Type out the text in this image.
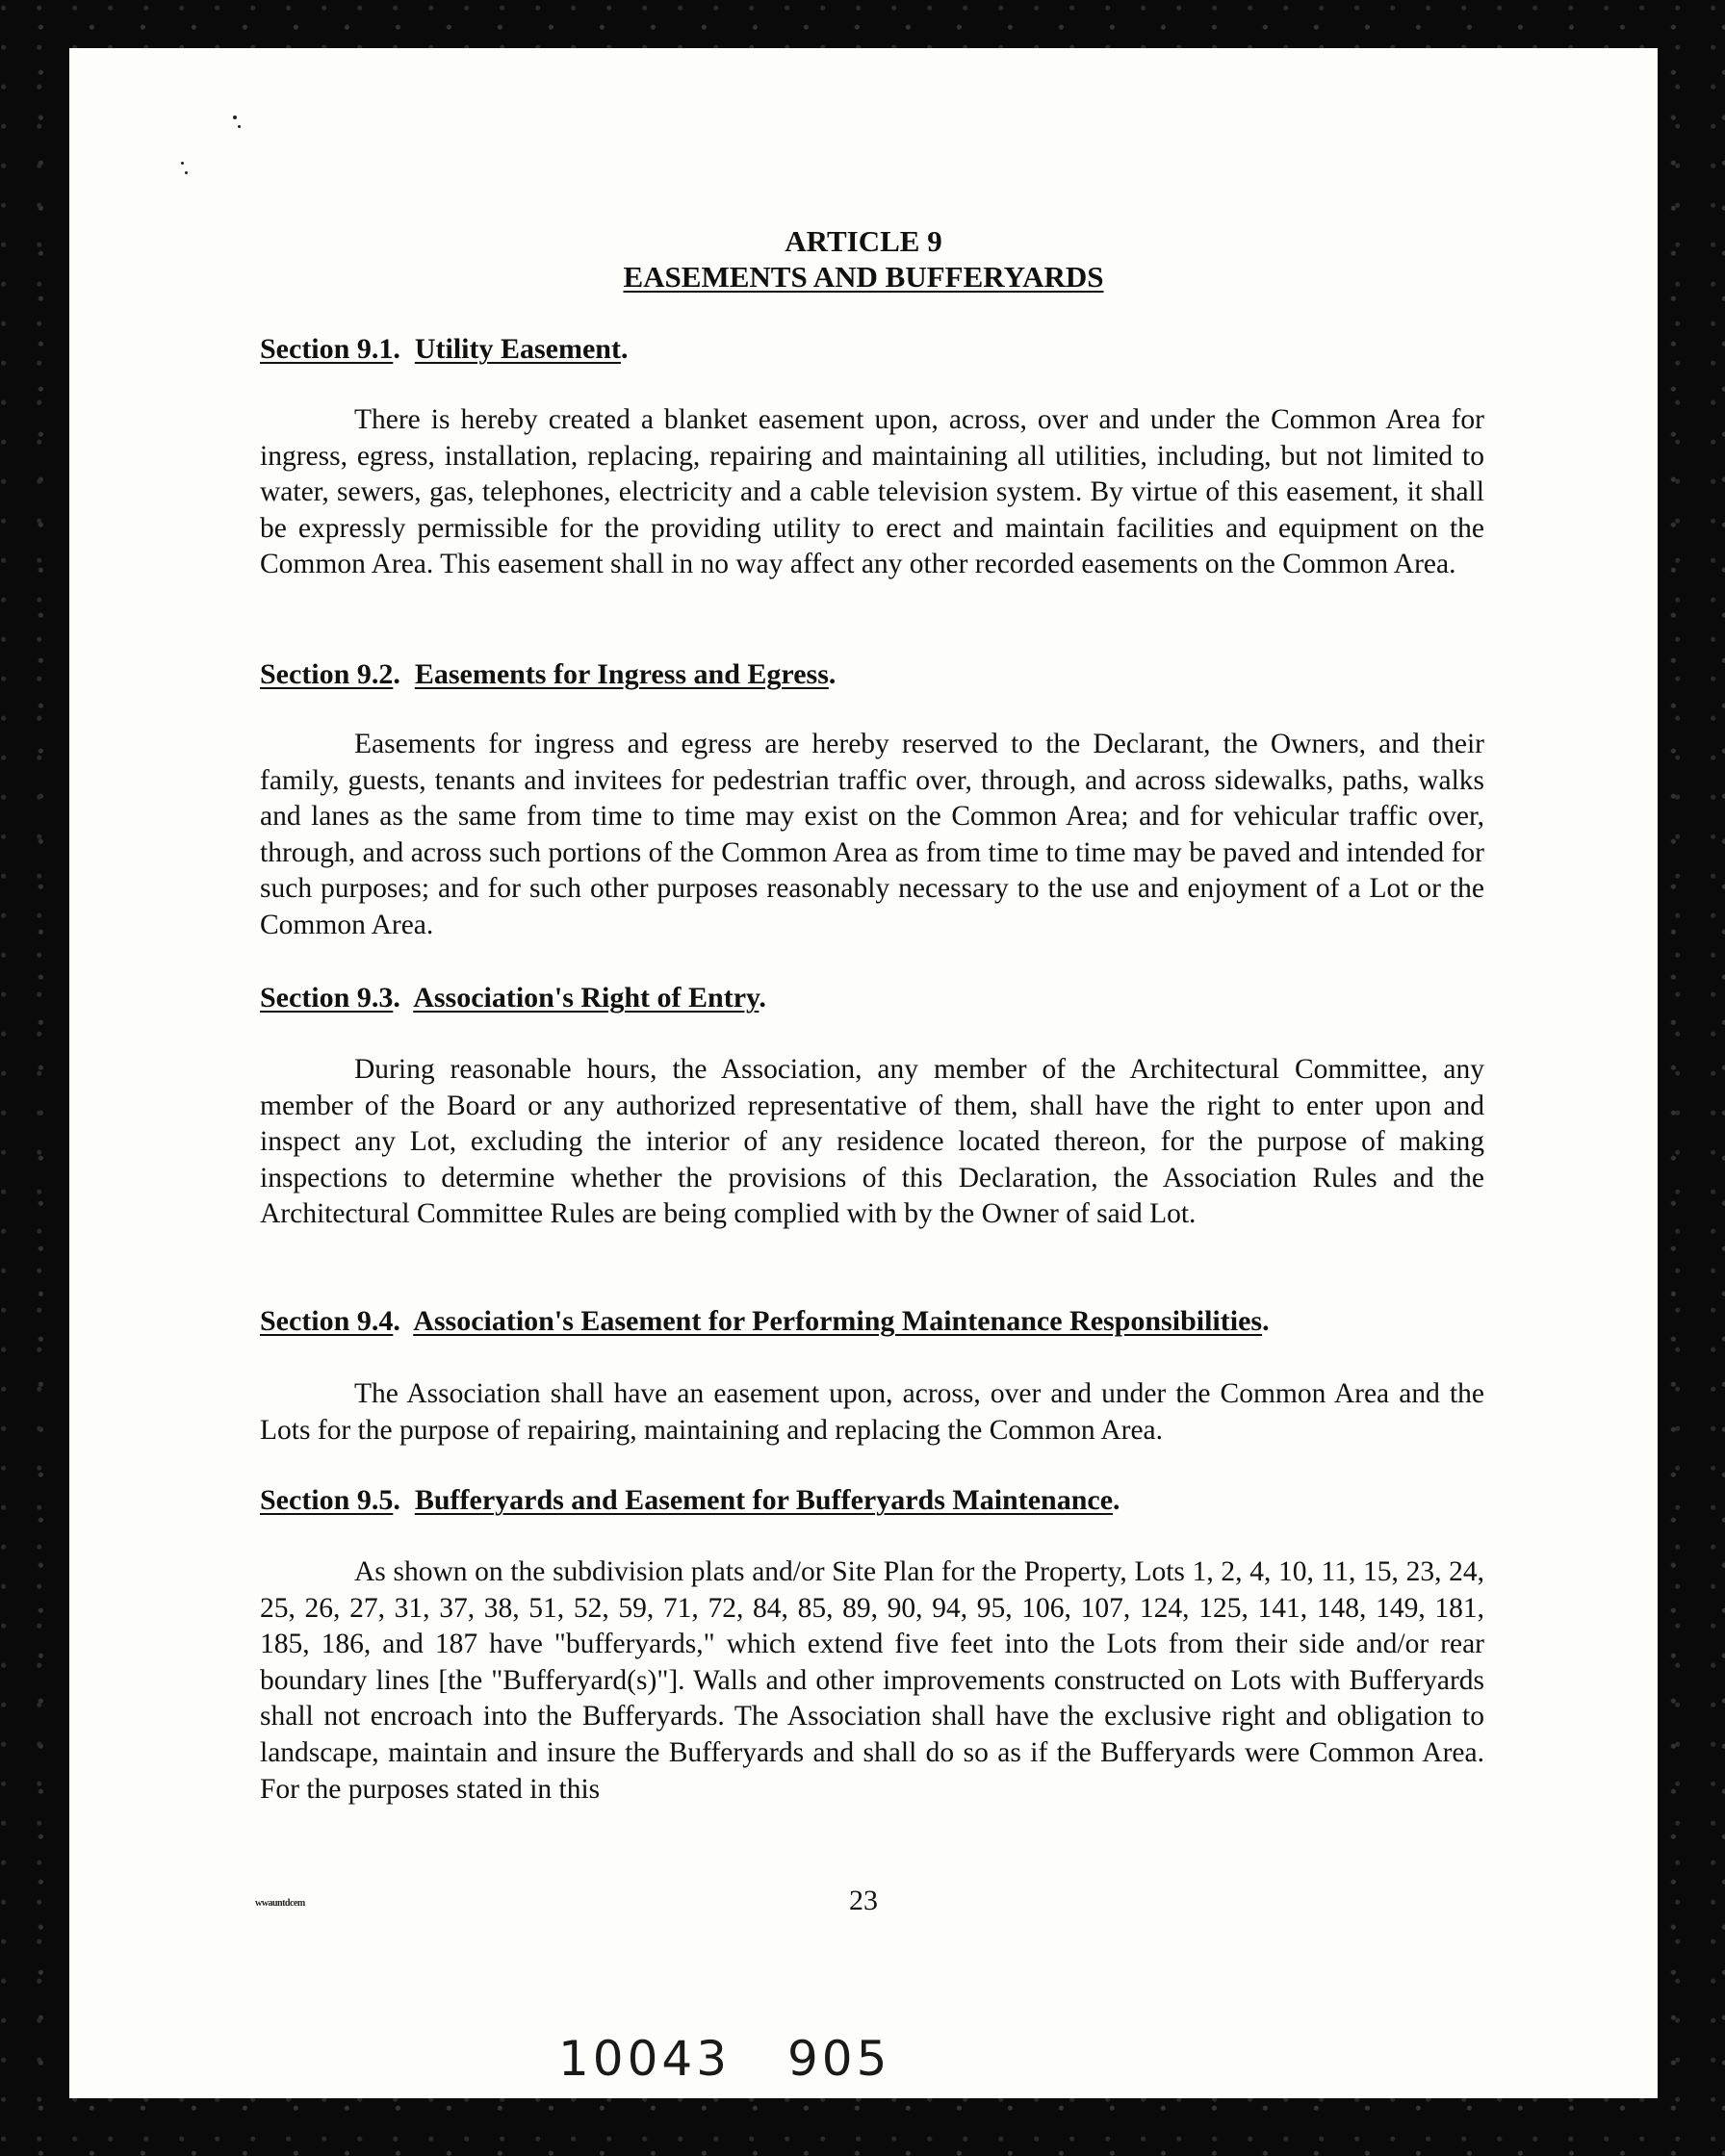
ARTICLE 9
EASEMENTS AND BUFFERYARDS
Section 9.1.  Utility Easement.

There is hereby created a blanket easement upon, across, over and under the Common Area for ingress, egress, installation, replacing, repairing and maintaining all utilities, including, but not limited to water, sewers, gas, telephones, electricity and a cable television system. By virtue of this easement, it shall be expressly permissible for the providing utility to erect and maintain facilities and equipment on the Common Area. This easement shall in no way affect any other recorded easements on the Common Area.

Section 9.2.  Easements for Ingress and Egress.

Easements for ingress and egress are hereby reserved to the Declarant, the Owners, and their family, guests, tenants and invitees for pedestrian traffic over, through, and across sidewalks, paths, walks and lanes as the same from time to time may exist on the Common Area; and for vehicular traffic over, through, and across such portions of the Common Area as from time to time may be paved and intended for such purposes; and for such other purposes reasonably necessary to the use and enjoyment of a Lot or the Common Area.

Section 9.3.  Association's Right of Entry.

During reasonable hours, the Association, any member of the Architectural Committee, any member of the Board or any authorized representative of them, shall have the right to enter upon and inspect any Lot, excluding the interior of any residence located thereon, for the purpose of making inspections to determine whether the provisions of this Declaration, the Association Rules and the Architectural Committee Rules are being complied with by the Owner of said Lot.

Section 9.4.  Association's Easement for Performing Maintenance Responsibilities.

The Association shall have an easement upon, across, over and under the Common Area and the Lots for the purpose of repairing, maintaining and replacing the Common Area.

Section 9.5.  Bufferyards and Easement for Bufferyards Maintenance.

As shown on the subdivision plats and/or Site Plan for the Property, Lots 1, 2, 4, 10, 11, 15, 23, 24, 25, 26, 27, 31, 37, 38, 51, 52, 59, 71, 72, 84, 85, 89, 90, 94, 95, 106, 107, 124, 125, 141, 148, 149, 181, 185, 186, and 187 have "bufferyards," which extend five feet into the Lots from their side and/or rear boundary lines [the "Bufferyard(s)"]. Walls and other improvements constructed on Lots with Bufferyards shall not encroach into the Bufferyards. The Association shall have the exclusive right and obligation to landscape, maintain and insure the Bufferyards and shall do so as if the Bufferyards were Common Area. For the purposes stated in this

wwauntdcem	23
10043 905
